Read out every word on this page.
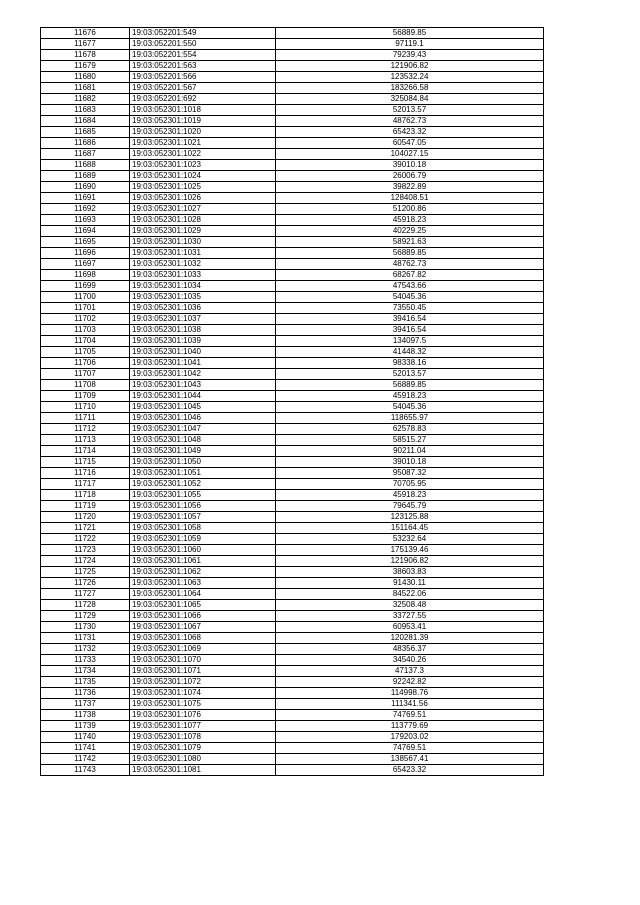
11676	19:03:052201:549	56889.85
11677	19:03:052201:550	97119.1
11678	19:03:052201:554	79239.43
11679	19:03:052201:563	121906.82
11680	19:03:052201:566	123532.24
11681	19:03:052201:567	183266.58
11682	19:03:052201:692	325084.84
11683	19:03:052301:1018	52013.57
11684	19:03:052301:1019	48762.73
11685	19:03:052301:1020	65423.32
11686	19:03:052301:1021	60547.05
11687	19:03:052301:1022	104027.15
11688	19:03:052301:1023	39010.18
11689	19:03:052301:1024	26006.79
11690	19:03:052301:1025	39822.89
11691	19:03:052301:1026	128408.51
11692	19:03:052301:1027	51200.86
11693	19:03:052301:1028	45918.23
11694	19:03:052301:1029	40229.25
11695	19:03:052301:1030	58921.63
11696	19:03:052301:1031	56889.85
11697	19:03:052301:1032	48762.73
11698	19:03:052301:1033	68267.82
11699	19:03:052301:1034	47543.66
11700	19:03:052301:1035	54045.36
11701	19:03:052301:1036	73550.45
11702	19:03:052301:1037	39416.54
11703	19:03:052301:1038	39416.54
11704	19:03:052301:1039	134097.5
11705	19:03:052301:1040	41448.32
11706	19:03:052301:1041	98338.16
11707	19:03:052301:1042	52013.57
11708	19:03:052301:1043	56889.85
11709	19:03:052301:1044	45918.23
11710	19:03:052301:1045	54045.36
11711	19:03:052301:1046	118655.97
11712	19:03:052301:1047	62578.83
11713	19:03:052301:1048	58515.27
11714	19:03:052301:1049	90211.04
11715	19:03:052301:1050	39010.18
11716	19:03:052301:1051	95087.32
11717	19:03:052301:1052	70705.95
11718	19:03:052301:1055	45918.23
11719	19:03:052301:1056	79645.79
11720	19:03:052301:1057	123125.88
11721	19:03:052301:1058	151164.45
11722	19:03:052301:1059	53232.64
11723	19:03:052301:1060	175139.46
11724	19:03:052301:1061	121906.82
11725	19:03:052301:1062	38603.83
11726	19:03:052301:1063	91430.11
11727	19:03:052301:1064	84522.06
11728	19:03:052301:1065	32508.48
11729	19:03:052301:1066	33727.55
11730	19:03:052301:1067	60953.41
11731	19:03:052301:1068	120281.39
11732	19:03:052301:1069	48356.37
11733	19:03:052301:1070	34540.26
11734	19:03:052301:1071	47137.3
11735	19:03:052301:1072	92242.82
11736	19:03:052301:1074	114998.76
11737	19:03:052301:1075	111341.56
11738	19:03:052301:1076	74769.51
11739	19:03:052301:1077	113779.69
11740	19:03:052301:1078	179203.02
11741	19:03:052301:1079	74769.51
11742	19:03:052301:1080	138567.41
11743	19:03:052301:1081	65423.32
